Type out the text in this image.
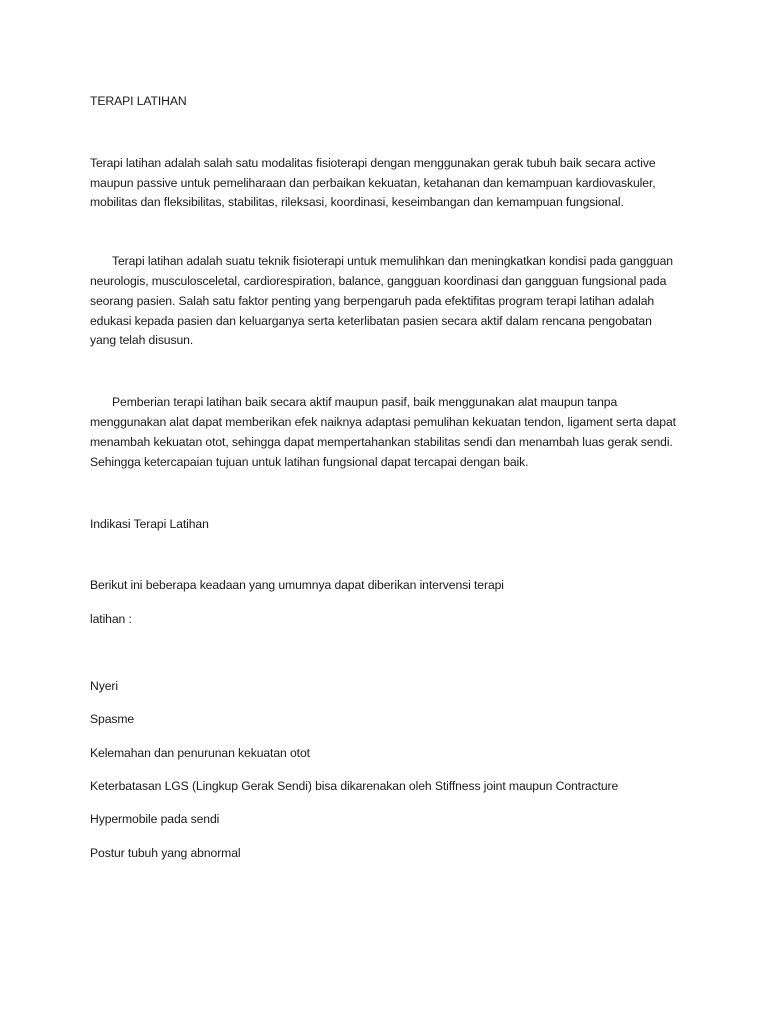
TERAPI LATIHAN

Terapi latihan adalah salah satu modalitas fisioterapi dengan menggunakan gerak tubuh baik secara active maupun passive untuk pemeliharaan dan perbaikan kekuatan, ketahanan dan kemampuan kardiovaskuler, mobilitas dan fleksibilitas, stabilitas, rileksasi, koordinasi, keseimbangan dan kemampuan fungsional.

Terapi latihan adalah suatu teknik fisioterapi untuk memulihkan dan meningkatkan kondisi pada gangguan neurologis, musculosceletal, cardiorespiration, balance, gangguan koordinasi dan gangguan fungsional pada seorang pasien. Salah satu faktor penting yang berpengaruh pada efektifitas program terapi latihan adalah edukasi kepada pasien dan keluarganya serta keterlibatan pasien secara aktif dalam rencana pengobatan yang telah disusun.

Pemberian terapi latihan baik secara aktif maupun pasif, baik menggunakan alat maupun tanpa menggunakan alat dapat memberikan efek naiknya adaptasi pemulihan kekuatan tendon, ligament serta dapat menambah kekuatan otot, sehingga dapat mempertahankan stabilitas sendi dan menambah luas gerak sendi. Sehingga ketercapaian tujuan untuk latihan fungsional dapat tercapai dengan baik.

Indikasi Terapi Latihan

Berikut ini beberapa keadaan yang umumnya dapat diberikan intervensi terapi

latihan :

Nyeri
Spasme
Kelemahan dan penurunan kekuatan otot
Keterbatasan LGS (Lingkup Gerak Sendi) bisa dikarenakan oleh Stiffness joint maupun Contracture
Hypermobile pada sendi
Postur tubuh yang abnormal
